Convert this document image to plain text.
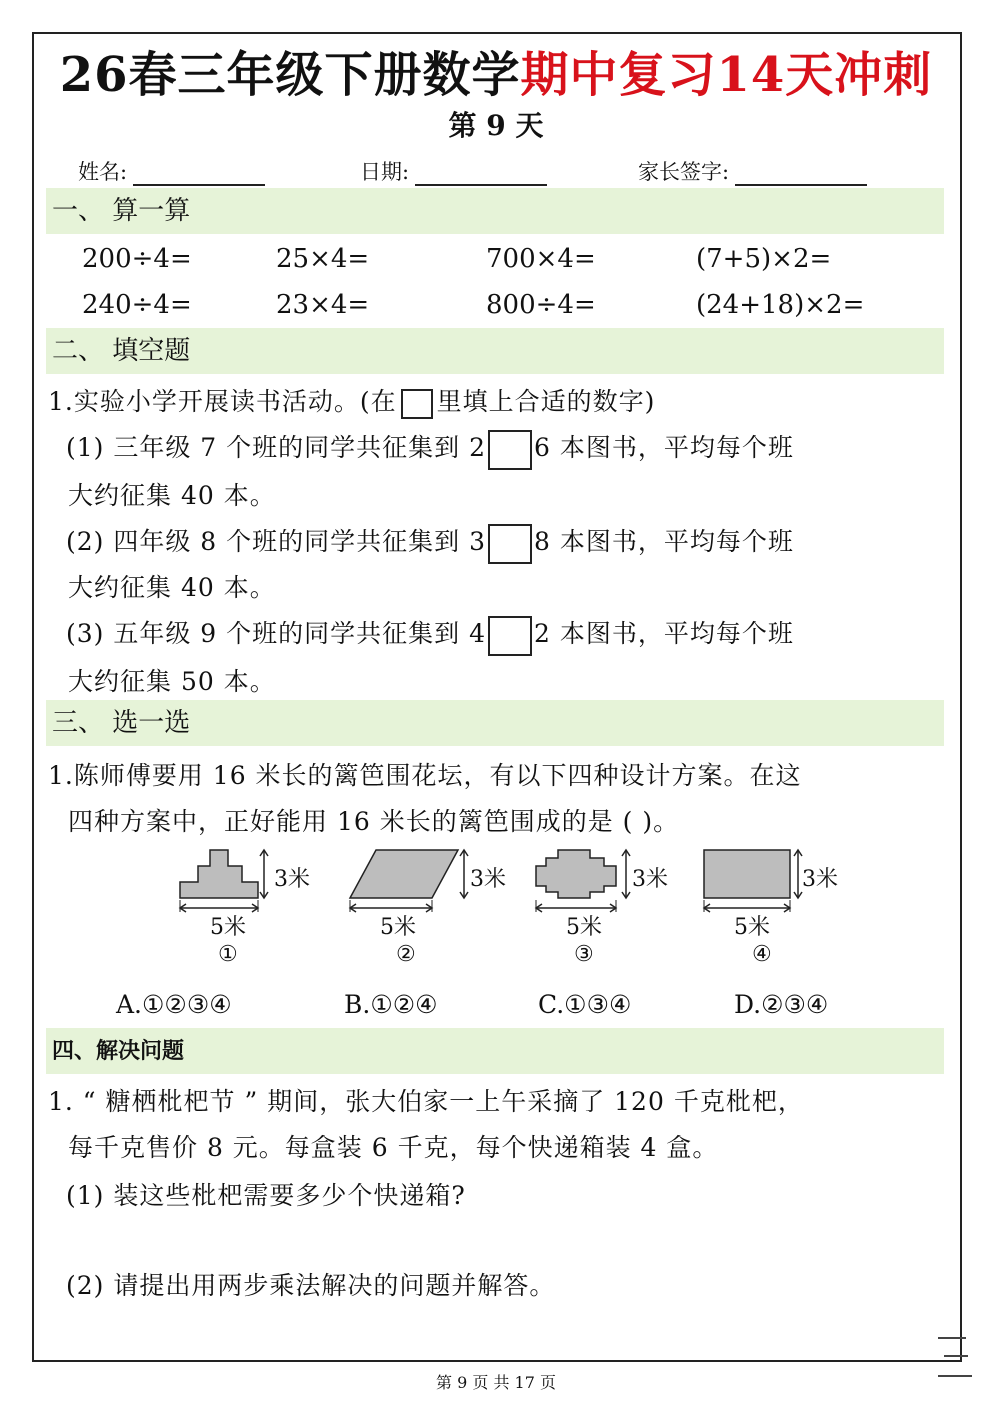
26春三年级下册数学期中复习14天冲刺
第 9 天
姓名:	日期:	家长签字:
一、 算一算
200÷4=	25×4=	700×4=	(7+5)×2=
240÷4=	23×4=	800÷4=	(24+18)×2=
二、 填空题
1.实验小学开展读书活动。(在 里填上合适的数字)
(1) 三年级 7 个班的同学共征集到 2 6 本图书，平均每个班
大约征集 40 本。
(2) 四年级 8 个班的同学共征集到 3 8 本图书，平均每个班
大约征集 40 本。
(3) 五年级 9 个班的同学共征集到 4 2 本图书，平均每个班
大约征集 50 本。
三、 选一选
1.陈师傅要用 16 米长的篱笆围花坛，有以下四种设计方案。在这
四种方案中，正好能用 16 米长的篱笆围成的是 ( )。
3米
5米
①
3米
5米
②
3米
5米
③
3米
5米
④
A.①②③④	B.①②④	C.①③④	D.②③④
四、解决问题
1. “ 糖栖枇杷节 ” 期间，张大伯家一上午采摘了 120 千克枇杷，
每千克售价 8 元。每盒装 6 千克，每个快递箱装 4 盒。
(1) 装这些枇杷需要多少个快递箱?
(2) 请提出用两步乘法解决的问题并解答。
第 9 页 共 17 页
